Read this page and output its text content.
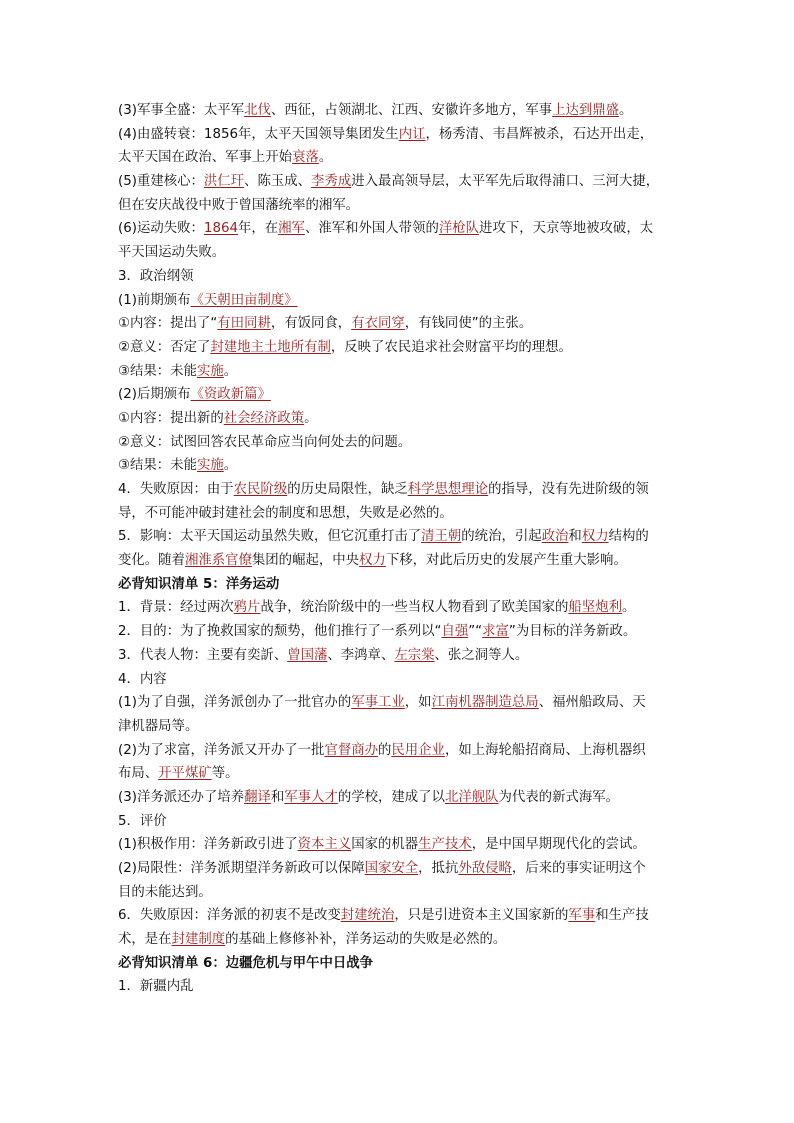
(3)军事全盛：太平军北伐、西征，占领湖北、江西、安徽许多地方，军事上达到鼎盛。
(4)由盛转衰：1856年，太平天国领导集团发生内讧，杨秀清、韦昌辉被杀，石达开出走，
太平天国在政治、军事上开始衰落。
(5)重建核心：洪仁玕、陈玉成、李秀成进入最高领导层，太平军先后取得浦口、三河大捷，
但在安庆战役中败于曾国藩统率的湘军。
(6)运动失败：1864年，在湘军、淮军和外国人带领的洋枪队进攻下，天京等地被攻破，太
平天国运动失败。
3．政治纲领
(1)前期颁布《天朝田亩制度》
①内容：提出了“有田同耕，有饭同食，有衣同穿，有钱同使”的主张。
②意义：否定了封建地主土地所有制，反映了农民追求社会财富平均的理想。
③结果：未能实施。
(2)后期颁布《资政新篇》
①内容：提出新的社会经济政策。
②意义：试图回答农民革命应当向何处去的问题。
③结果：未能实施。
4．失败原因：由于农民阶级的历史局限性，缺乏科学思想理论的指导，没有先进阶级的领
导，不可能冲破封建社会的制度和思想，失败是必然的。
5．影响：太平天国运动虽然失败，但它沉重打击了清王朝的统治，引起政治和权力结构的
变化。随着湘淮系官僚集团的崛起，中央权力下移，对此后历史的发展产生重大影响。
必背知识清单 5：洋务运动
1．背景：经过两次鸦片战争，统治阶级中的一些当权人物看到了欧美国家的船坚炮利。
2．目的：为了挽救国家的颓势，他们推行了一系列以“自强”“求富”为目标的洋务新政。
3．代表人物：主要有奕訢、曾国藩、李鸿章、左宗棠、张之洞等人。
4．内容
(1)为了自强，洋务派创办了一批官办的军事工业，如江南机器制造总局、福州船政局、天
津机器局等。
(2)为了求富，洋务派又开办了一批官督商办的民用企业，如上海轮船招商局、上海机器织
布局、开平煤矿等。
(3)洋务派还办了培养翻译和军事人才的学校，建成了以北洋舰队为代表的新式海军。
5．评价
(1)积极作用：洋务新政引进了资本主义国家的机器生产技术，是中国早期现代化的尝试。
(2)局限性：洋务派期望洋务新政可以保障国家安全，抵抗外敌侵略，后来的事实证明这个
目的未能达到。
6．失败原因：洋务派的初衷不是改变封建统治，只是引进资本主义国家新的军事和生产技
术，是在封建制度的基础上修修补补，洋务运动的失败是必然的。
必背知识清单 6：边疆危机与甲午中日战争
1．新疆内乱
